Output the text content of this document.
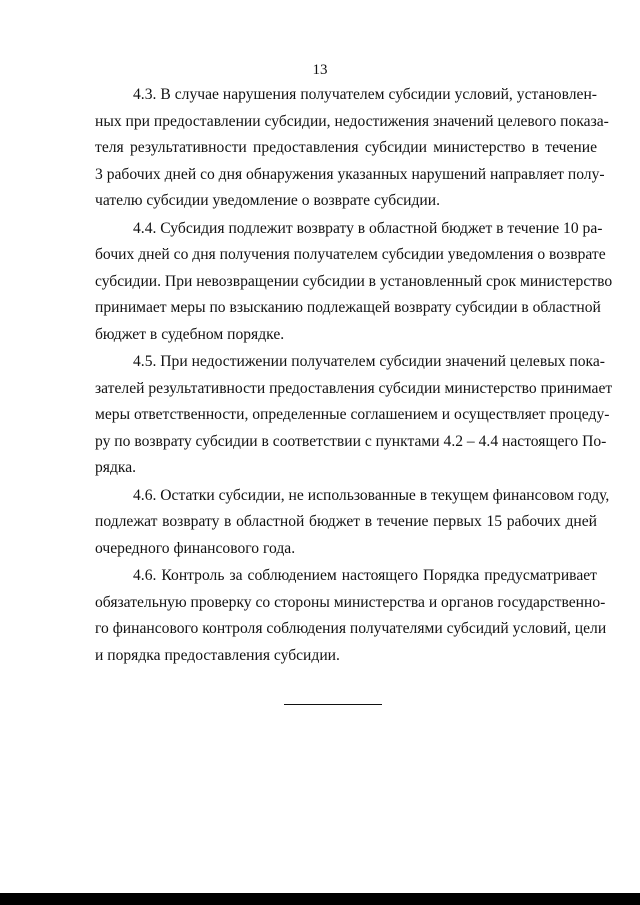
13

4.3. В случае нарушения получателем субсидии условий, установлен-
ных при предоставлении субсидии, недостижения значений целевого показа-
теля результативности предоставления субсидии министерство в течение
3 рабочих дней со дня обнаружения указанных нарушений направляет полу-
чателю субсидии уведомление о возврате субсидии.

4.4. Субсидия подлежит возврату в областной бюджет в течение 10 ра-
бочих дней со дня получения получателем субсидии уведомления о возврате
субсидии. При невозвращении субсидии в установленный срок министерство
принимает меры по взысканию подлежащей возврату субсидии в областной
бюджет в судебном порядке.

4.5. При недостижении получателем субсидии значений целевых пока-
зателей результативности предоставления субсидии министерство принимает
меры ответственности, определенные соглашением и осуществляет процеду-
ру по возврату субсидии в соответствии с пунктами 4.2 – 4.4 настоящего По-
рядка.

4.6. Остатки субсидии, не использованные в текущем финансовом году,
подлежат возврату в областной бюджет в течение первых 15 рабочих дней
очередного финансового года.

4.6. Контроль за соблюдением настоящего Порядка предусматривает
обязательную проверку со стороны министерства и органов государственно-
го финансового контроля соблюдения получателями субсидий условий, цели
и порядка предоставления субсидии.
